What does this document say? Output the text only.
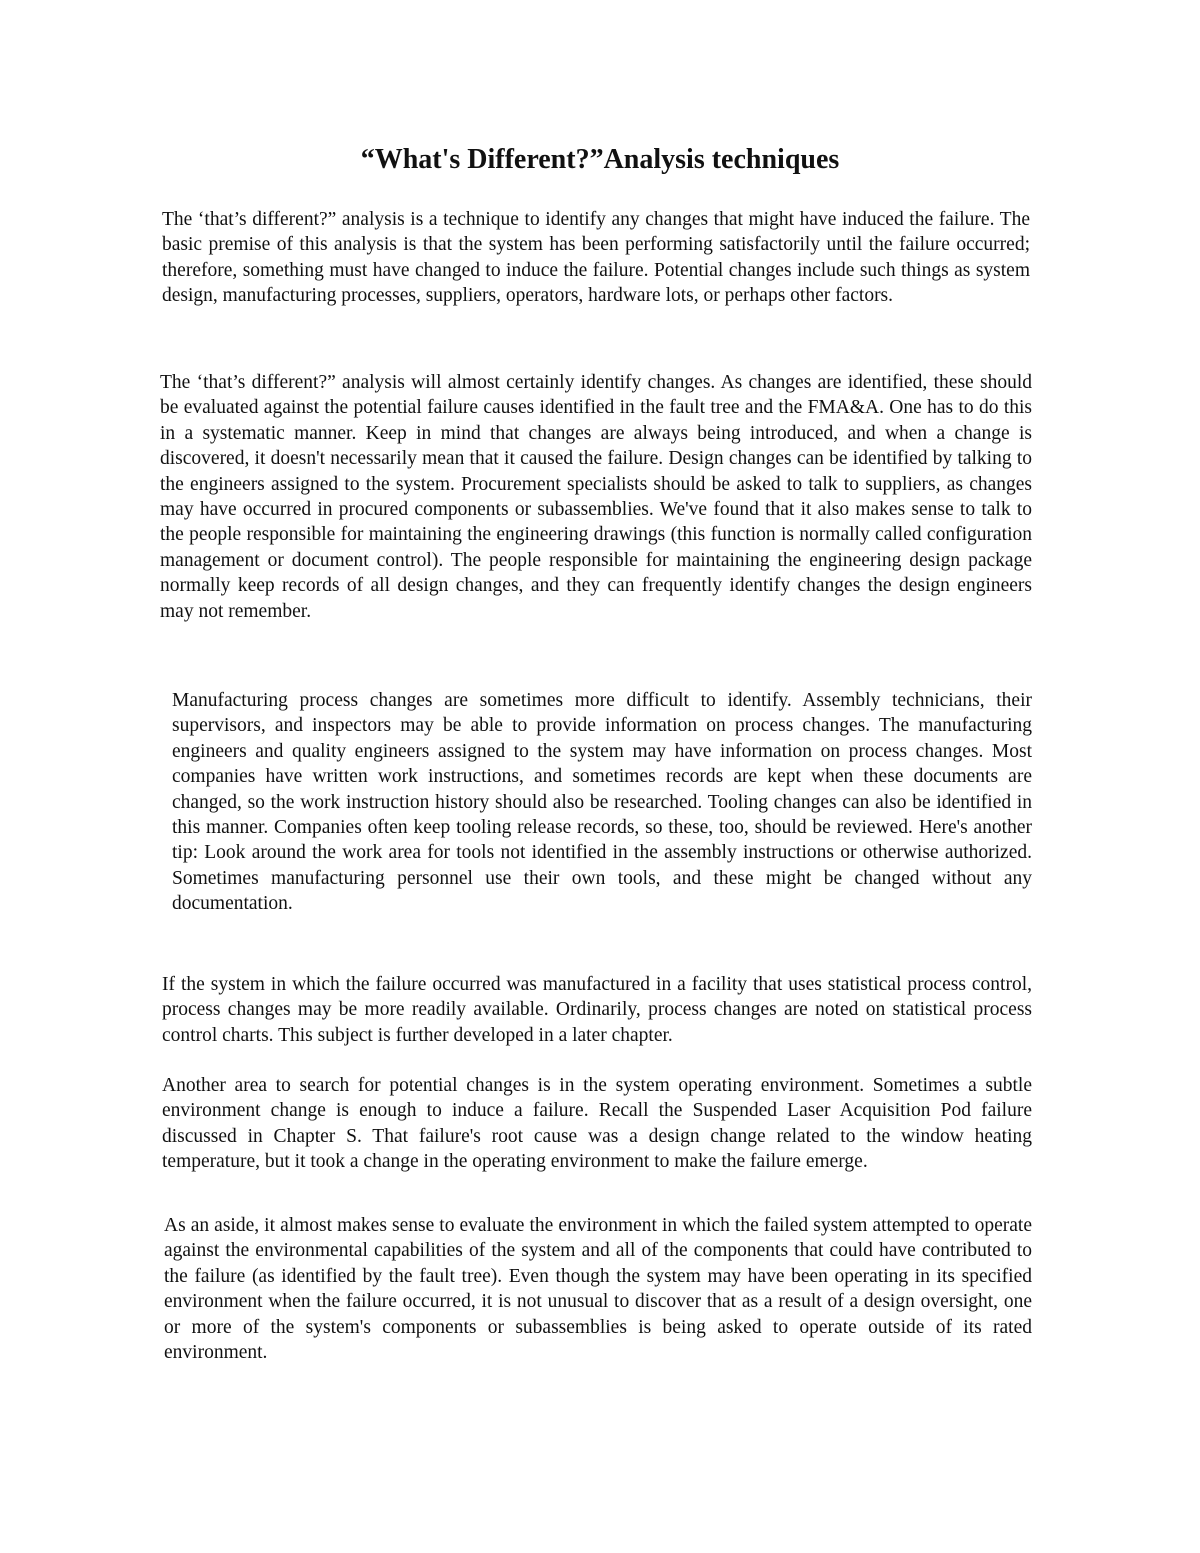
“What's Different?”Analysis techniques

The ‘that’s different?” analysis is a technique to identify any changes that might have induced the failure. The basic premise of this analysis is that the system has been performing satisfactorily until the failure occurred; therefore, something must have changed to induce the failure. Potential changes include such things as system design, manufacturing processes, suppliers, operators, hardware lots, or perhaps other factors.

The ‘that’s different?” analysis will almost certainly identify changes. As changes are identified, these should be evaluated against the potential failure causes identified in the fault tree and the FMA&A. One has to do this in a systematic manner. Keep in mind that changes are always being introduced, and when a change is discovered, it doesn't necessarily mean that it caused the failure. Design changes can be identified by talking to the engineers assigned to the system. Procurement specialists should be asked to talk to suppliers, as changes may have occurred in procured components or subassemblies. We've found that it also makes sense to talk to the people responsible for maintaining the engineering drawings (this function is normally called configuration management or document control). The people responsible for maintaining the engineering design package normally keep records of all design changes, and they can frequently identify changes the design engineers may not remember.

Manufacturing process changes are sometimes more difficult to identify. Assembly technicians, their supervisors, and inspectors may be able to provide information on process changes. The manufacturing engineers and quality engineers assigned to the system may have information on process changes. Most companies have written work instructions, and sometimes records are kept when these documents are changed, so the work instruction history should also be researched. Tooling changes can also be identified in this manner. Companies often keep tooling release records, so these, too, should be reviewed. Here's another tip: Look around the work area for tools not identified in the assembly instructions or otherwise authorized. Sometimes manufacturing personnel use their own tools, and these might be changed without any documentation.

If the system in which the failure occurred was manufactured in a facility that uses statistical process control, process changes may be more readily available. Ordinarily, process changes are noted on statistical process control charts. This subject is further developed in a later chapter.

Another area to search for potential changes is in the system operating environment. Sometimes a subtle environment change is enough to induce a failure. Recall the Suspended Laser Acquisition Pod failure discussed in Chapter S. That failure's root cause was a design change related to the window heating temperature, but it took a change in the operating environment to make the failure emerge.

As an aside, it almost makes sense to evaluate the environment in which the failed system attempted to operate against the environmental capabilities of the system and all of the components that could have contributed to the failure (as identified by the fault tree). Even though the system may have been operating in its specified environment when the failure occurred, it is not unusual to discover that as a result of a design oversight, one or more of the system's components or subassemblies is being asked to operate outside of its rated environment.
